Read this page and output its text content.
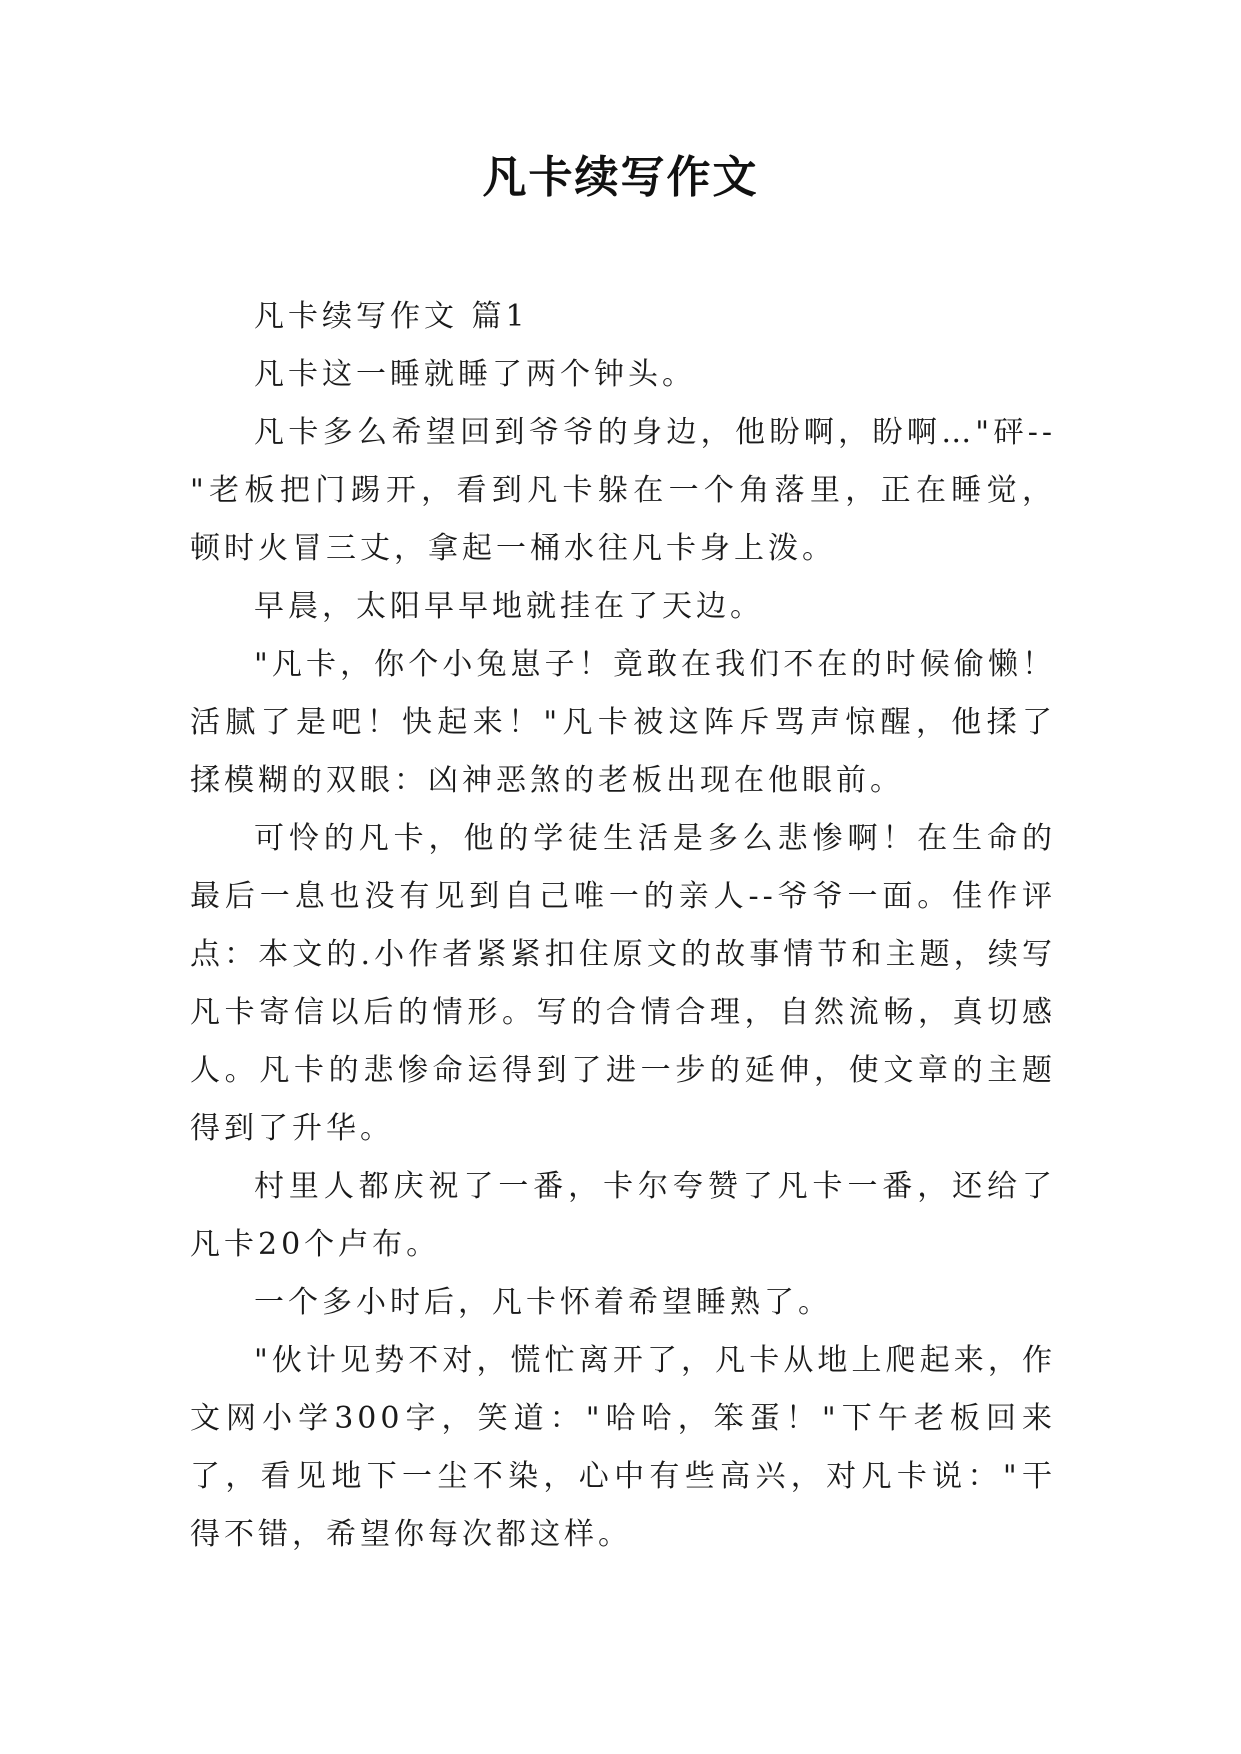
凡卡续写作文

凡卡续写作文 篇1

凡卡这一睡就睡了两个钟头。

凡卡多么希望回到爷爷的身边，他盼啊，盼啊…"砰--"老板把门踢开，看到凡卡躲在一个角落里，正在睡觉，顿时火冒三丈，拿起一桶水往凡卡身上泼。

早晨，太阳早早地就挂在了天边。

"凡卡，你个小兔崽子！竟敢在我们不在的时候偷懒！活腻了是吧！快起来！"凡卡被这阵斥骂声惊醒，他揉了揉模糊的双眼：凶神恶煞的老板出现在他眼前。

可怜的凡卡，他的学徒生活是多么悲惨啊！在生命的最后一息也没有见到自己唯一的亲人--爷爷一面。佳作评点：本文的.小作者紧紧扣住原文的故事情节和主题，续写凡卡寄信以后的情形。写的合情合理，自然流畅，真切感人。凡卡的悲惨命运得到了进一步的延伸，使文章的主题得到了升华。

村里人都庆祝了一番，卡尔夸赞了凡卡一番，还给了凡卡20个卢布。

一个多小时后，凡卡怀着希望睡熟了。

"伙计见势不对，慌忙离开了，凡卡从地上爬起来，作文网小学300字，笑道："哈哈，笨蛋！"下午老板回来了，看见地下一尘不染，心中有些高兴，对凡卡说："干得不错，希望你每次都这样。
